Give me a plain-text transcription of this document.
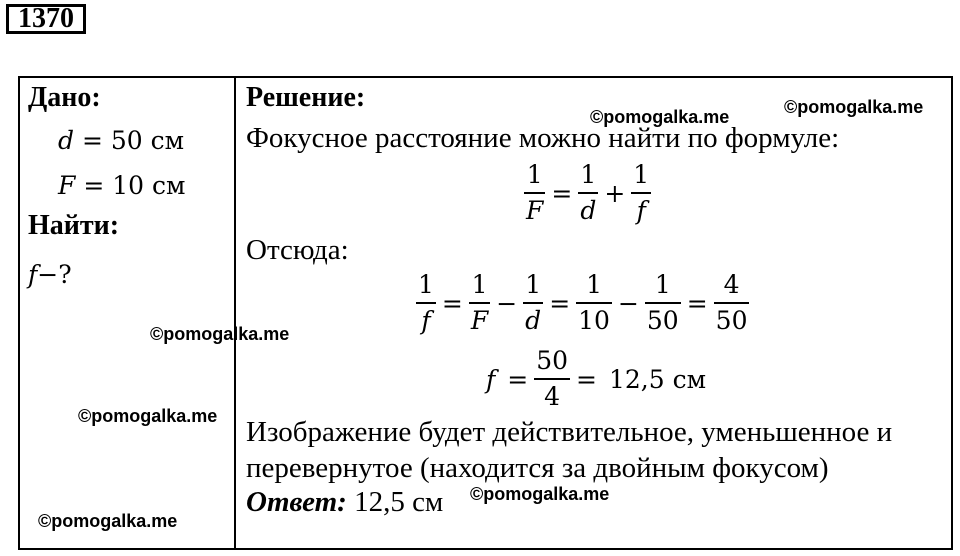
1370
Дано:
d = 50 см
F = 10 см
Найти:
f−?
Решение:
Фокусное расстояние можно найти по формуле:
$\frac{1}{F} = \frac{1}{d} + \frac{1}{f}$
Отсюда:
$\frac{1}{f} = \frac{1}{F} - \frac{1}{d} = \frac{1}{10} - \frac{1}{50} = \frac{4}{50}$
$f = \frac{50}{4} = 12,5$ см
Изображение будет действительное, уменьшенное и
перевернутое (находится за двойным фокусом)
Ответ: 12,5 см
©pomogalka.me	©pomogalka.me
©pomogalka.me
©pomogalka.me
©pomogalka.me
©pomogalka.me
